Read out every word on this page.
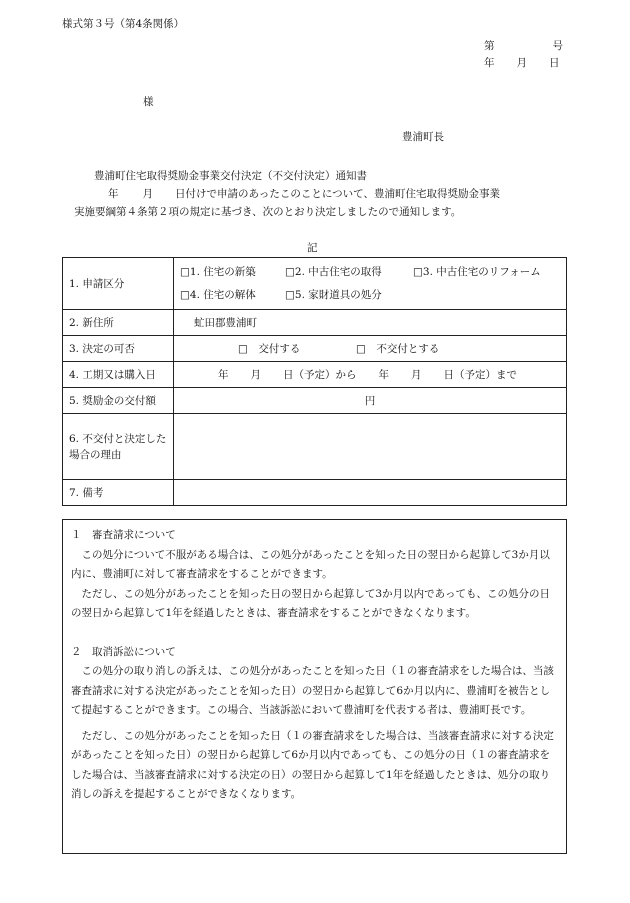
様式第３号（第4条関係）
第	号
年 月 日
様
豊浦町長
豊浦町住宅取得奨励金事業交付決定（不交付決定）通知書
年 月 日付けで申請のあったこのことについて、豊浦町住宅取得奨励金事業
実施要綱第４条第２項の規定に基づき、次のとおり決定しましたので通知します。
記
1. 申請区分	□1. 住宅の新築 □2. 中古住宅の取得 □3. 中古住宅のリフォーム
□4. 住宅の解体 □5. 家財道具の処分

2. 新住所	虻田郡豊浦町
3. 決定の可否	□　交付する □　不交付とする
4. 工期又は購入日	年 月 日（予定）から 年 月 日（予定）まで
5. 奨励金の交付額	円
6. 不交付と決定した場合の理由	
7. 備考	

１　審査請求について

この処分について不服がある場合は、この処分があったことを知った日の翌日から起算して3か月以内に、豊浦町に対して審査請求をすることができます。

ただし、この処分があったことを知った日の翌日から起算して3か月以内であっても、この処分の日の翌日から起算して1年を経過したときは、審査請求をすることができなくなります。

２　取消訴訟について

この処分の取り消しの訴えは、この処分があったことを知った日（１の審査請求をした場合は、当該審査請求に対する決定があったことを知った日）の翌日から起算して6か月以内に、豊浦町を被告として提起することができます。この場合、当該訴訟において豊浦町を代表する者は、豊浦町長です。

ただし、この処分があったことを知った日（１の審査請求をした場合は、当該審査請求に対する決定があったことを知った日）の翌日から起算して6か月以内であっても、この処分の日（１の審査請求をした場合は、当該審査請求に対する決定の日）の翌日から起算して1年を経過したときは、処分の取り消しの訴えを提起することができなくなります。
